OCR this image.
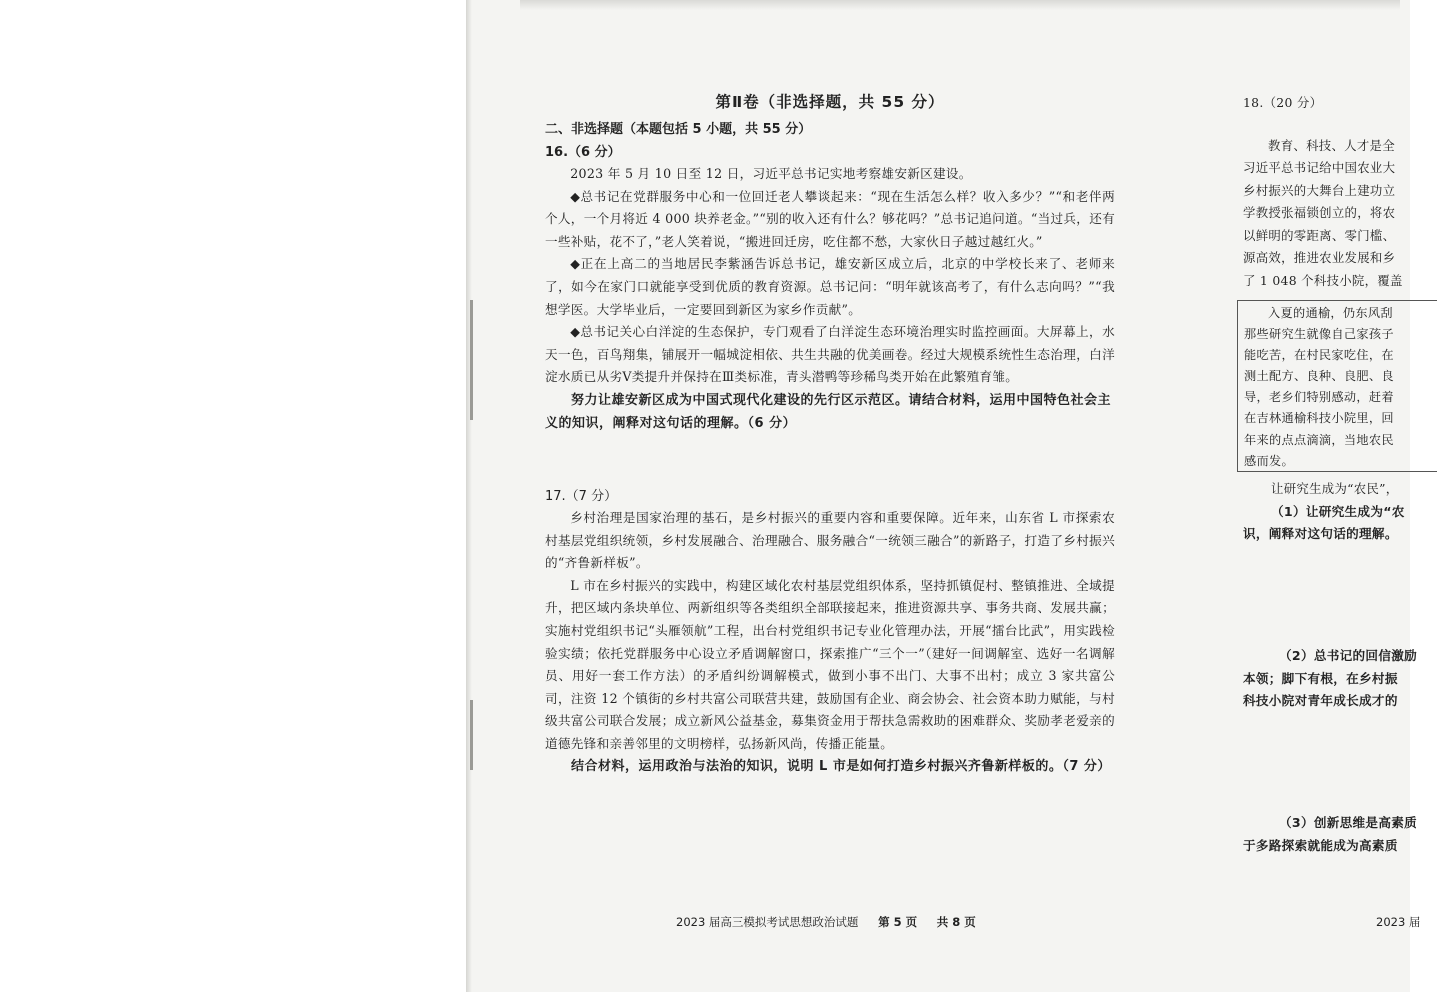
第Ⅱ卷（非选择题，共 55 分）
二、非选择题（本题包括 5 小题，共 55 分）
16.（6 分）

2023 年 5 月 10 日至 12 日，习近平总书记实地考察雄安新区建设。

◆总书记在党群服务中心和一位回迁老人攀谈起来：“现在生活怎么样？收入多少？”“和老伴两个人，一个月将近 4 000 块养老金。”“别的收入还有什么？够花吗？”总书记追问道。“当过兵，还有一些补贴，花不了，”老人笑着说，“搬进回迁房，吃住都不愁，大家伙日子越过越红火。”

◆正在上高二的当地居民李紫涵告诉总书记，雄安新区成立后，北京的中学校长来了、老师来了，如今在家门口就能享受到优质的教育资源。总书记问：“明年就该高考了，有什么志向吗？”“我想学医。大学毕业后，一定要回到新区为家乡作贡献”。

◆总书记关心白洋淀的生态保护，专门观看了白洋淀生态环境治理实时监控画面。大屏幕上，水天一色，百鸟翔集，铺展开一幅城淀相依、共生共融的优美画卷。经过大规模系统性生态治理，白洋淀水质已从劣Ⅴ类提升并保持在Ⅲ类标准，青头潜鸭等珍稀鸟类开始在此繁殖育雏。

努力让雄安新区成为中国式现代化建设的先行区示范区。请结合材料，运用中国特色社会主义的知识，阐释对这句话的理解。（6 分）

17.（7 分）

乡村治理是国家治理的基石，是乡村振兴的重要内容和重要保障。近年来，山东省 L 市探索农村基层党组织统领，乡村发展融合、治理融合、服务融合“一统领三融合”的新路子，打造了乡村振兴的“齐鲁新样板”。

L 市在乡村振兴的实践中，构建区域化农村基层党组织体系，坚持抓镇促村、整镇推进、全域提升，把区域内条块单位、两新组织等各类组织全部联接起来，推进资源共享、事务共商、发展共赢；实施村党组织书记“头雁领航”工程，出台村党组织书记专业化管理办法，开展“擂台比武”，用实践检验实绩；依托党群服务中心设立矛盾调解窗口，探索推广“三个一”（建好一间调解室、选好一名调解员、用好一套工作方法）的矛盾纠纷调解模式，做到小事不出门、大事不出村；成立 3 家共富公司，注资 12 个镇街的乡村共富公司联营共建，鼓励国有企业、商会协会、社会资本助力赋能，与村级共富公司联合发展；成立新风公益基金，募集资金用于帮扶急需救助的困难群众、奖励孝老爱亲的道德先锋和亲善邻里的文明榜样，弘扬新风尚，传播正能量。

结合材料，运用政治与法治的知识，说明 L 市是如何打造乡村振兴齐鲁新样板的。（7 分）

2023 届高三模拟考试思想政治试题 第 5 页 共 8 页
18.（20 分）
教育、科技、人才是全
习近平总书记给中国农业大
乡村振兴的大舞台上建功立
学教授张福锁创立的，将农
以鲜明的零距离、零门槛、
源高效，推进农业发展和乡
了 1 048 个科技小院，覆盖
入夏的通榆，仍东风刮
那些研究生就像自己家孩子
能吃苦，在村民家吃住，在
测土配方、良种、良肥、良
导，老乡们特别感动，赶着
在吉林通榆科技小院里，回
年来的点点滴滴，当地农民
感而发。
让研究生成为“农民”，
（1）让研究生成为“农
识，阐释对这句话的理解。
（2）总书记的回信激励
本领；脚下有根，在乡村振
科技小院对青年成长成才的
（3）创新思维是高素质
于多路探索就能成为高素质
2023 届
